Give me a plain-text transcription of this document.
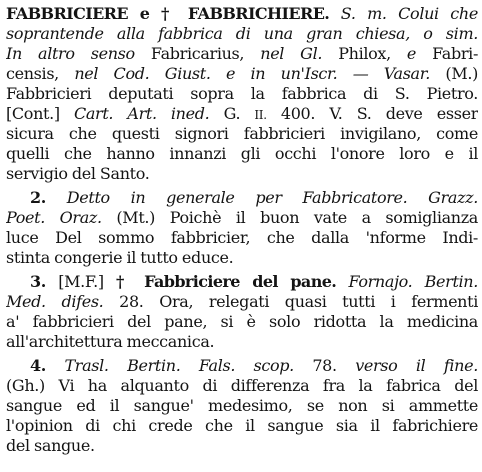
FABBRICIERE e † FABBRICHIERE. S. m. Colui che
soprantende alla fabbrica di una gran chiesa, o sim.
In altro senso Fabricarius, nel Gl. Philox, e Fabri-
censis, nel Cod. Giust. e in un'Iscr. — Vasar. (M.)
Fabbricieri deputati sopra la fabbrica di S. Pietro.
[Cont.] Cart. Art. ined. G. II. 400. V. S. deve esser
sicura che questi signori fabbricieri invigilano, come
quelli che hanno innanzi gli occhi l'onore loro e il
servigio del Santo.
2. Detto in generale per Fabbricatore. Grazz.
Poet. Oraz. (Mt.) Poichè il buon vate a somiglianza
luce Del sommo fabbricier, che dalla 'nforme Indi-
stinta congerie il tutto educe.
3. [M.F.] † Fabbriciere del pane. Fornajo. Bertin.
Med. difes. 28. Ora, relegati quasi tutti i fermenti
a' fabbricieri del pane, si è solo ridotta la medicina
all'architettura meccanica.
4. Trasl. Bertin. Fals. scop. 78. verso il fine.
(Gh.) Vi ha alquanto di differenza fra la fabrica del
sangue ed il sangue' medesimo, se non si ammette
l'opinion di chi crede che il sangue sia il fabrichiere
del sangue.
